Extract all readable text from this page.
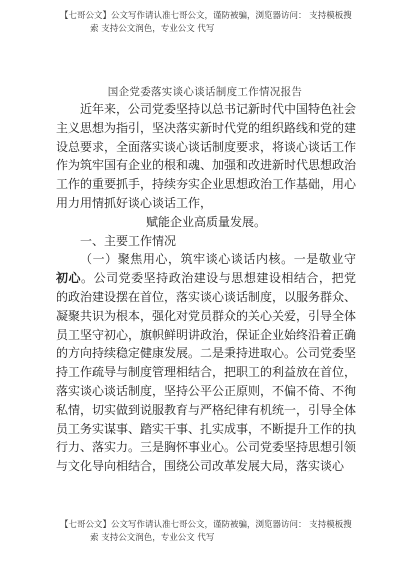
【七哥公文】公文写作请认准七哥公文，谨防被骗，浏览器访问： 支持模板搜
索 支持公文润色，专业公文 代写
国企党委落实谈心谈话制度工作情况报告

近年来，公司党委坚持以总书记新时代中国特色社会主义思想为指引，坚决落实新时代党的组织路线和党的建设总要求，全面落实谈心谈话制度要求，将谈心谈话工作作为筑牢国有企业的根和魂、加强和改进新时代思想政治工作的重要抓手，持续夯实企业思想政治工作基础，用心用力用情抓好谈心谈话工作，

赋能企业高质量发展。

一、主要工作情况

（一）聚焦用心，筑牢谈心谈话内核。一是敬业守初心。公司党委坚持政治建设与思想建设相结合，把党的政治建设摆在首位，落实谈心谈话制度，以服务群众、凝聚共识为根本，强化对党员群众的关心关爱，引导全体员工坚守初心，旗帜鲜明讲政治，保证企业始终沿着正确的方向持续稳定健康发展。二是秉持进取心。公司党委坚持工作疏导与制度管理相结合，把职工的利益放在首位，落实谈心谈话制度，坚持公平公正原则，不偏不倚、不徇私情，切实做到说服教育与严格纪律有机统一，引导全体员工务实谋事、踏实干事、扎实成事，不断提升工作的执行力、落实力。三是胸怀事业心。公司党委坚持思想引领与文化导向相结合，围绕公司改革发展大局，落实谈心

【七哥公文】公文写作请认准七哥公文，谨防被骗，浏览器访问： 支持模板搜
索 支持公文润色，专业公文 代写
